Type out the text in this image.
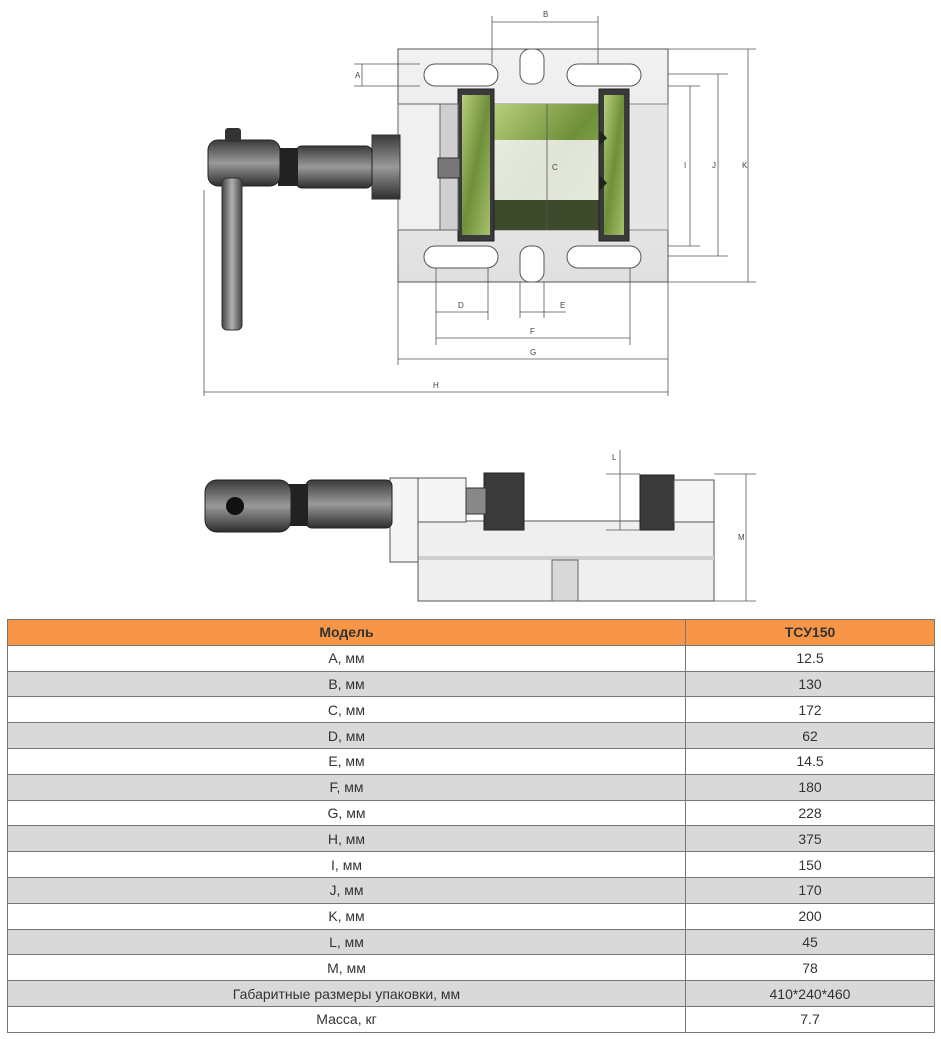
B
A
C	I	J	K
D	E
F
G
H
L
M
Модель	ТСУ150
A, мм	12.5
B, мм	130
C, мм	172
D, мм	62
E, мм	14.5
F, мм	180
G, мм	228
H, мм	375
I, мм	150
J, мм	170
K, мм	200
L, мм	45
M, мм	78
Габаритные размеры упаковки, мм	410*240*460
Масса, кг	7.7
